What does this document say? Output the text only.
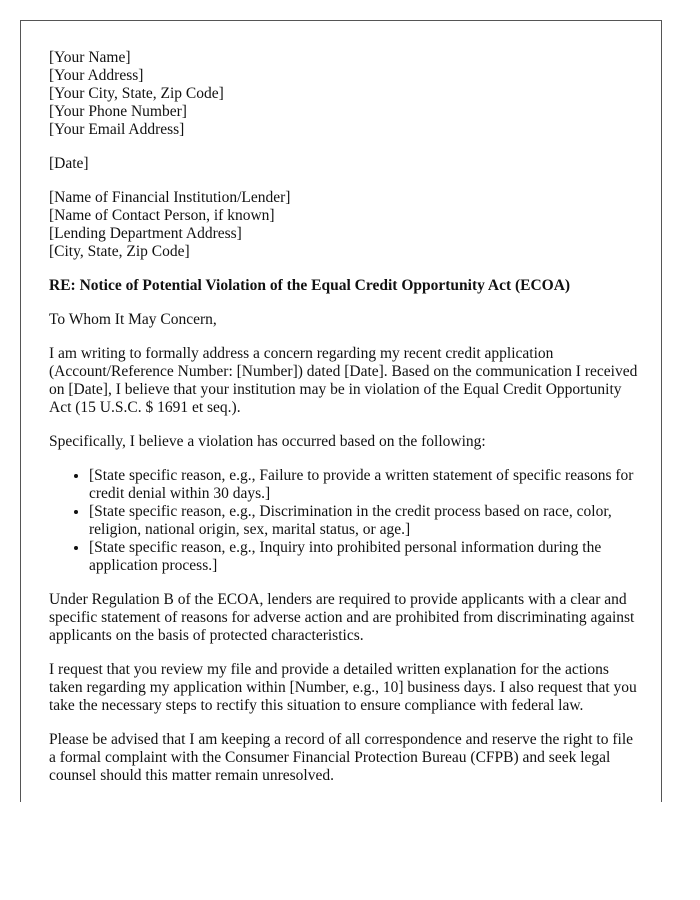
[Your Name]
[Your Address]
[Your City, State, Zip Code]
[Your Phone Number]
[Your Email Address]
[Date]
[Name of Financial Institution/Lender]
[Name of Contact Person, if known]
[Lending Department Address]
[City, State, Zip Code]
RE: Notice of Potential Violation of the Equal Credit Opportunity Act (ECOA)

To Whom It May Concern,

I am writing to formally address a concern regarding my recent credit application (Account/Reference Number: [Number]) dated [Date]. Based on the communication I received on [Date], I believe that your institution may be in violation of the Equal Credit Opportunity Act (15 U.S.C. $ 1691 et seq.).

Specifically, I believe a violation has occurred based on the following:

• [State specific reason, e.g., Failure to provide a written statement of specific reasons for credit denial within 30 days.]
• [State specific reason, e.g., Discrimination in the credit process based on race, color, religion, national origin, sex, marital status, or age.]
• [State specific reason, e.g., Inquiry into prohibited personal information during the application process.]

Under Regulation B of the ECOA, lenders are required to provide applicants with a clear and specific statement of reasons for adverse action and are prohibited from discriminating against applicants on the basis of protected characteristics.

I request that you review my file and provide a detailed written explanation for the actions taken regarding my application within [Number, e.g., 10] business days. I also request that you take the necessary steps to rectify this situation to ensure compliance with federal law.

Please be advised that I am keeping a record of all correspondence and reserve the right to file a formal complaint with the Consumer Financial Protection Bureau (CFPB) and seek legal counsel should this matter remain unresolved.
